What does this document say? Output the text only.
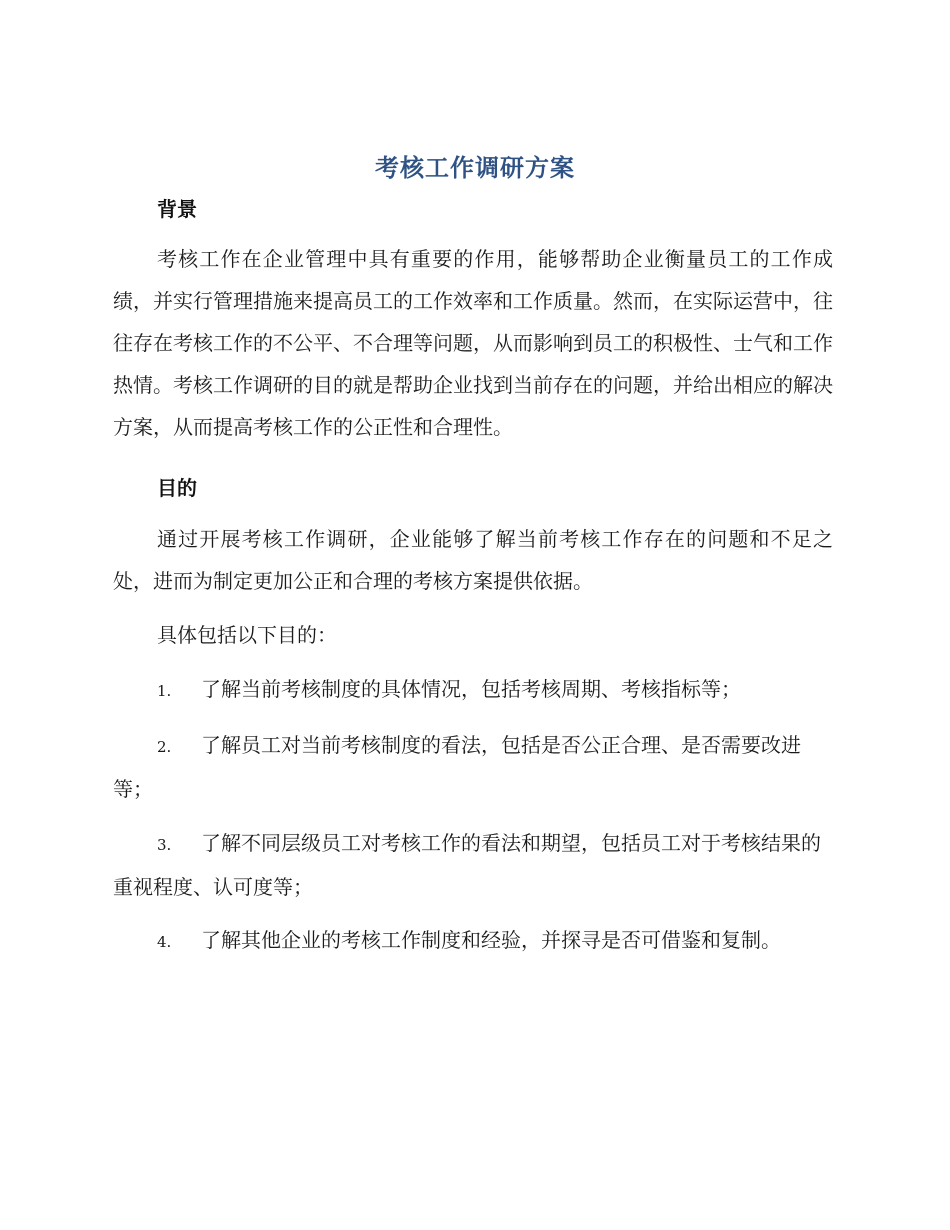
考核工作调研方案
背景

考核工作在企业管理中具有重要的作用，能够帮助企业衡量员工的工作成绩，并实行管理措施来提高员工的工作效率和工作质量。然而，在实际运营中，往往存在考核工作的不公平、不合理等问题，从而影响到员工的积极性、士气和工作热情。考核工作调研的目的就是帮助企业找到当前存在的问题，并给出相应的解决方案，从而提高考核工作的公正性和合理性。

目的

通过开展考核工作调研，企业能够了解当前考核工作存在的问题和不足之处，进而为制定更加公正和合理的考核方案提供依据。

具体包括以下目的：

1. 了解当前考核制度的具体情况，包括考核周期、考核指标等；

2. 了解员工对当前考核制度的看法，包括是否公正合理、是否需要改进等；

3. 了解不同层级员工对考核工作的看法和期望，包括员工对于考核结果的重视程度、认可度等；

4. 了解其他企业的考核工作制度和经验，并探寻是否可借鉴和复制。
